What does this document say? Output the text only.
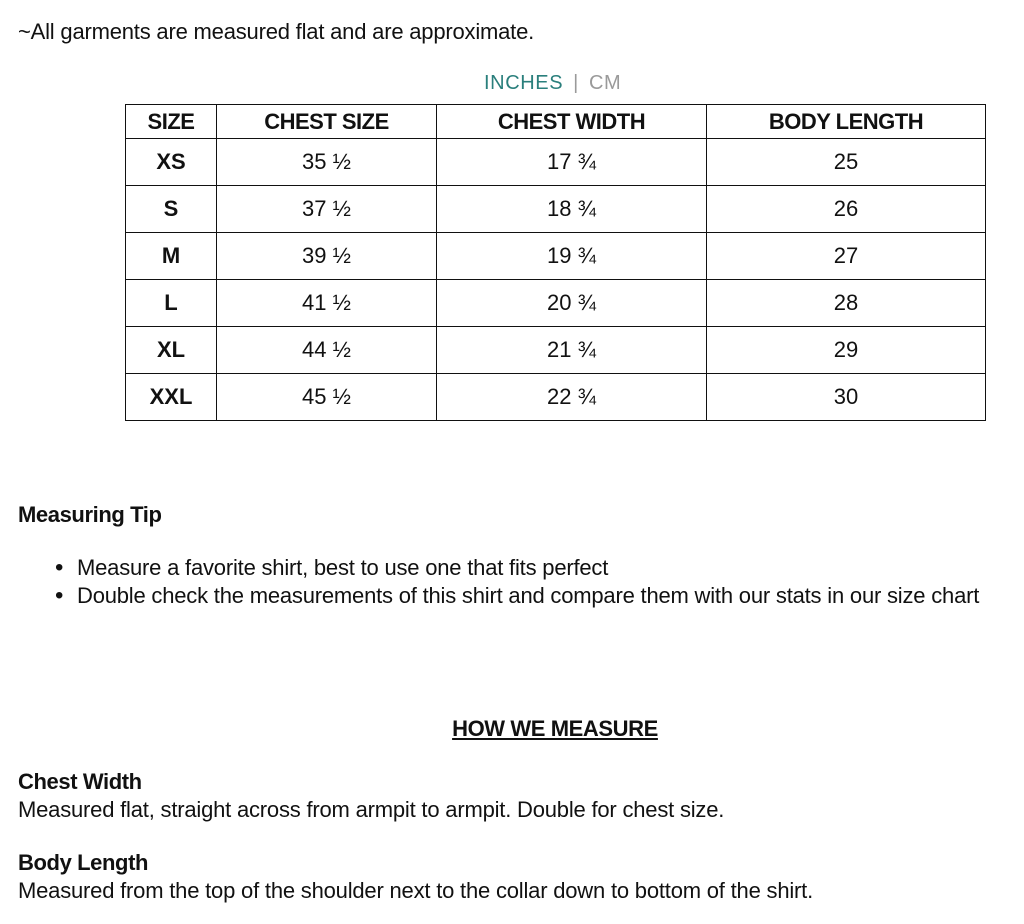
~All garments are measured flat and are approximate.
INCHES | CM
SIZE	CHEST SIZE	CHEST WIDTH	BODY LENGTH
XS	35 ½	17 ¾	25
S	37 ½	18 ¾	26
M	39 ½	19 ¾	27
L	41 ½	20 ¾	28
XL	44 ½	21 ¾	29
XXL	45 ½	22 ¾	30
Measuring Tip
• Measure a favorite shirt, best to use one that fits perfect
• Double check the measurements of this shirt and compare them with our stats in our size chart
HOW WE MEASURE
Chest Width
Measured flat, straight across from armpit to armpit. Double for chest size.
Body Length
Measured from the top of the shoulder next to the collar down to bottom of the shirt.
